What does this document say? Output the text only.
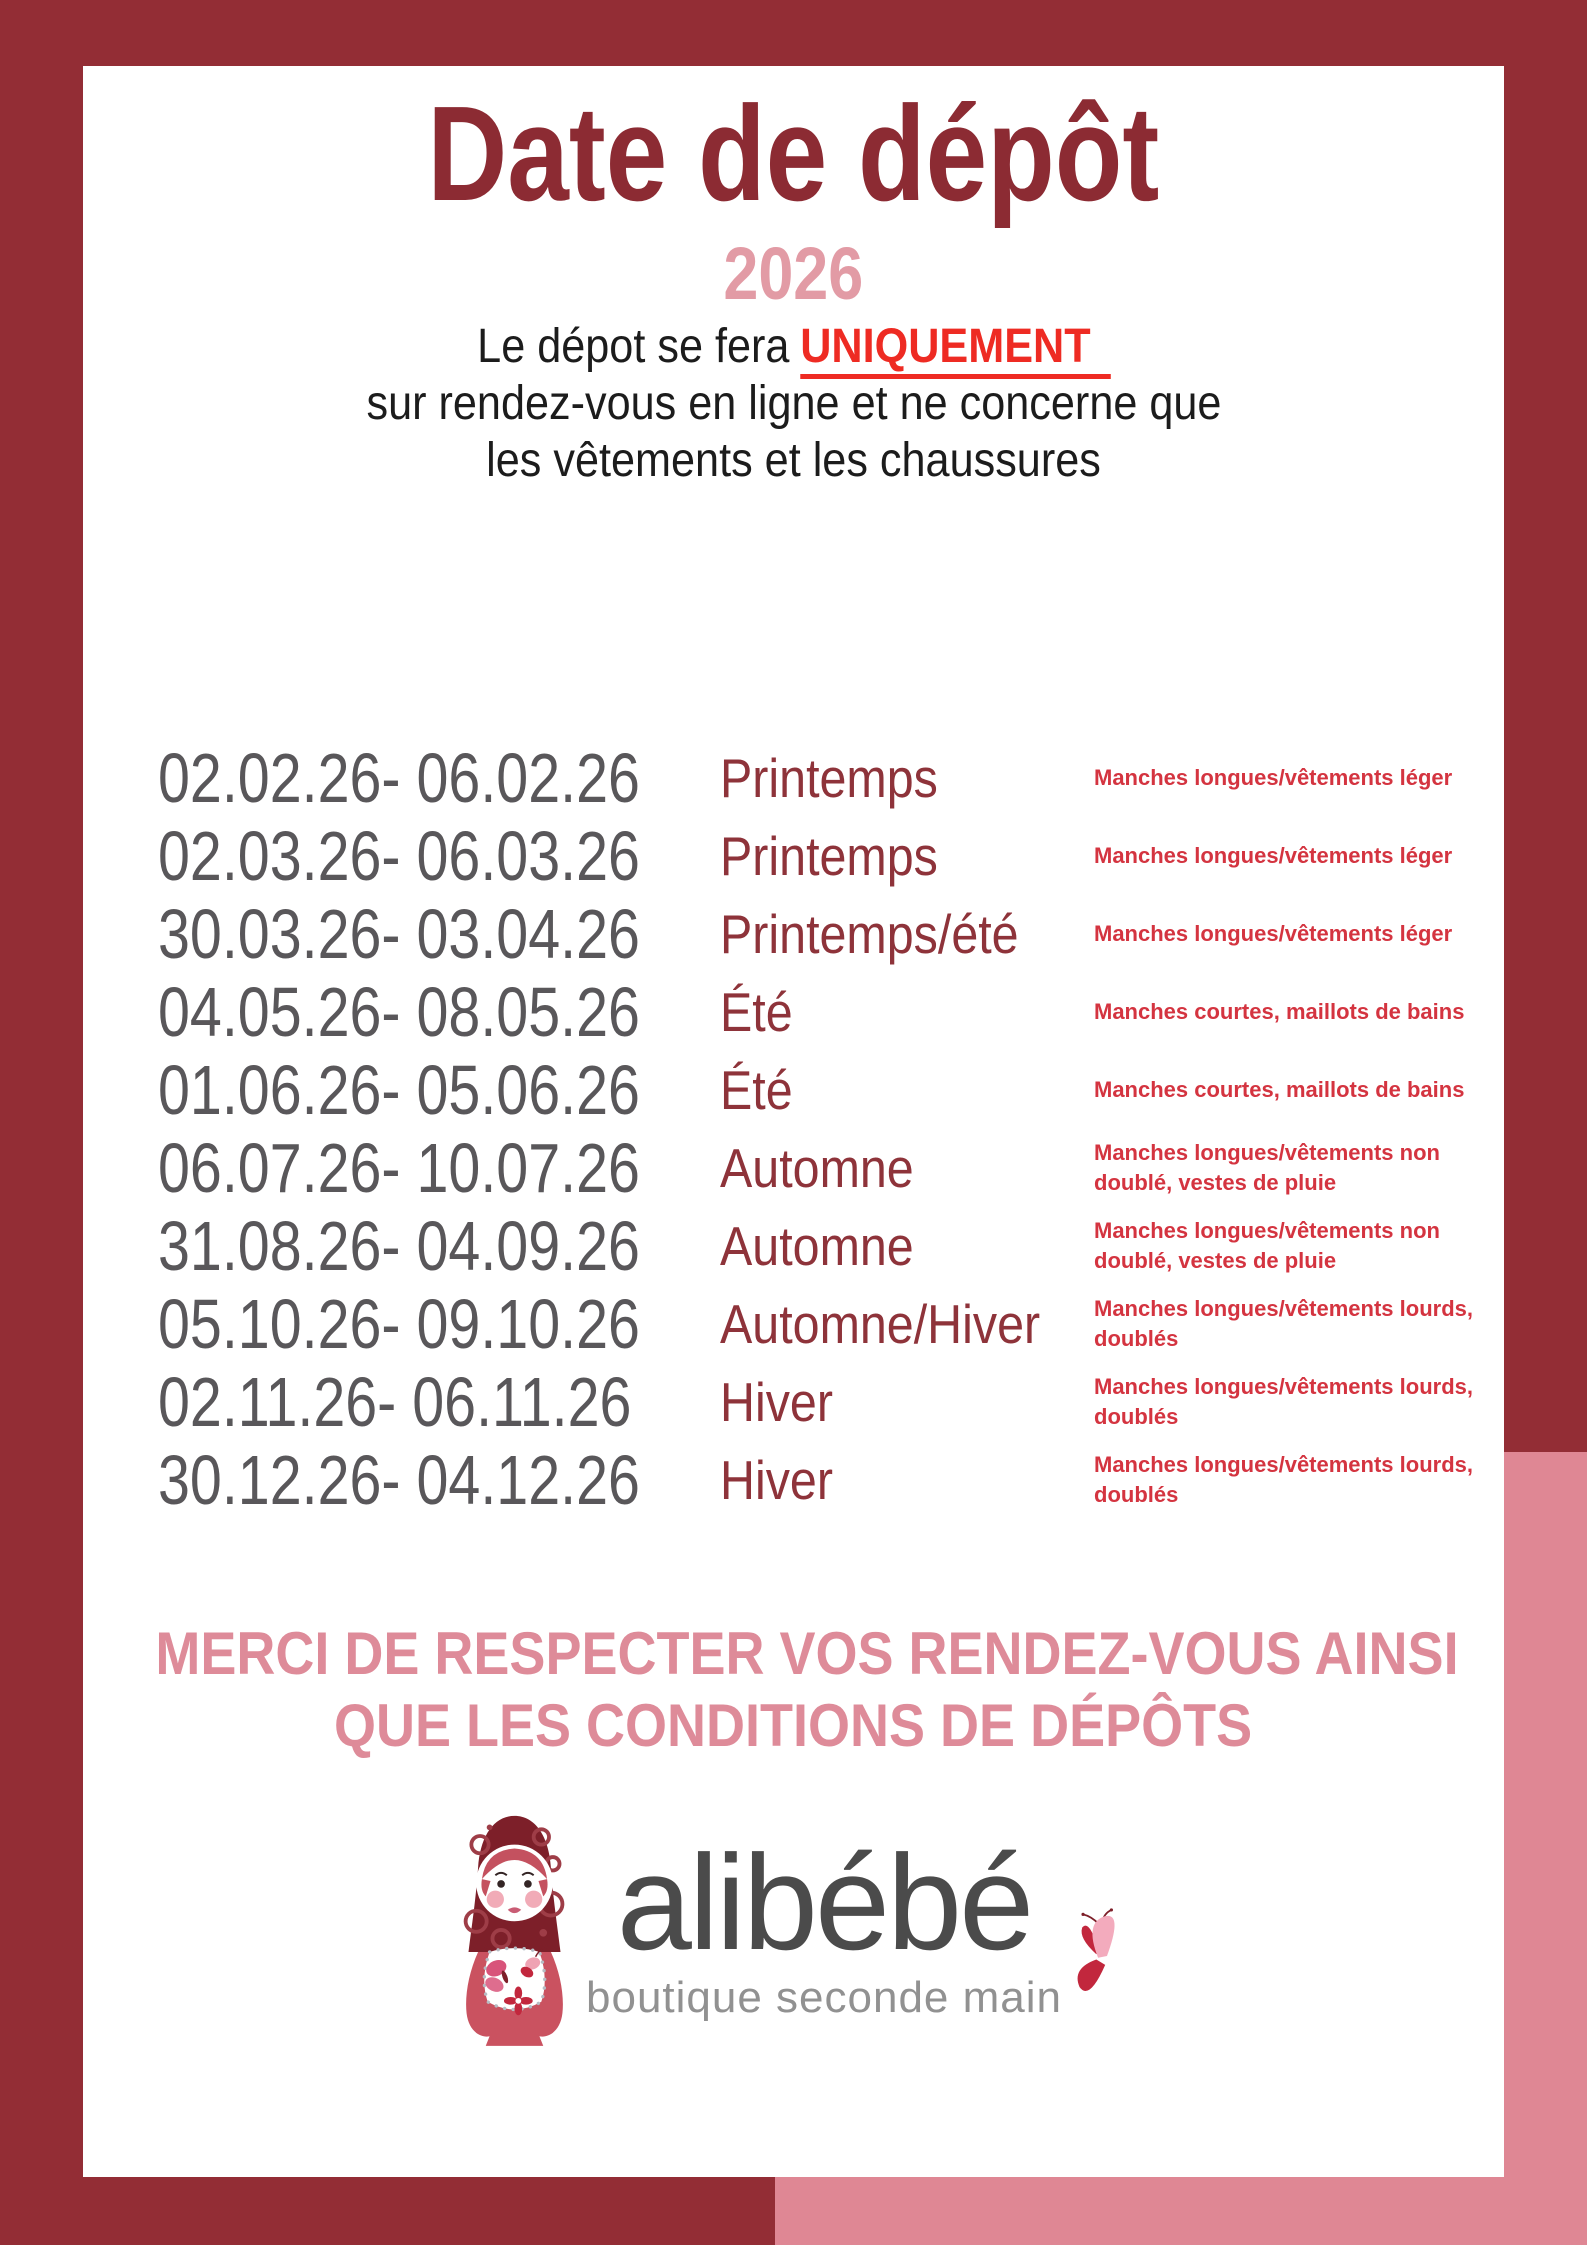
Date de dépôt
2026
Le dépot se fera UNIQUEMENT
sur rendez-vous en ligne et ne concerne que
les vêtements et les chaussures
02.02.26- 06.02.26	Printemps	Manches longues/vêtements léger
02.03.26- 06.03.26	Printemps	Manches longues/vêtements léger
30.03.26- 03.04.26	Printemps/été	Manches longues/vêtements léger
04.05.26- 08.05.26	Été	Manches courtes, maillots de bains
01.06.26- 05.06.26	Été	Manches courtes, maillots de bains
06.07.26- 10.07.26	Automne	Manches longues/vêtements non doublé, vestes de pluie
31.08.26- 04.09.26	Automne	Manches longues/vêtements non doublé, vestes de pluie
05.10.26- 09.10.26	Automne/Hiver	Manches longues/vêtements lourds, doublés
02.11.26- 06.11.26	Hiver	Manches longues/vêtements lourds, doublés
30.12.26- 04.12.26	Hiver	Manches longues/vêtements lourds, doublés
MERCI DE RESPECTER VOS RENDEZ-VOUS AINSI
QUE LES CONDITIONS DE DÉPÔTS
alibébé
boutique seconde main
